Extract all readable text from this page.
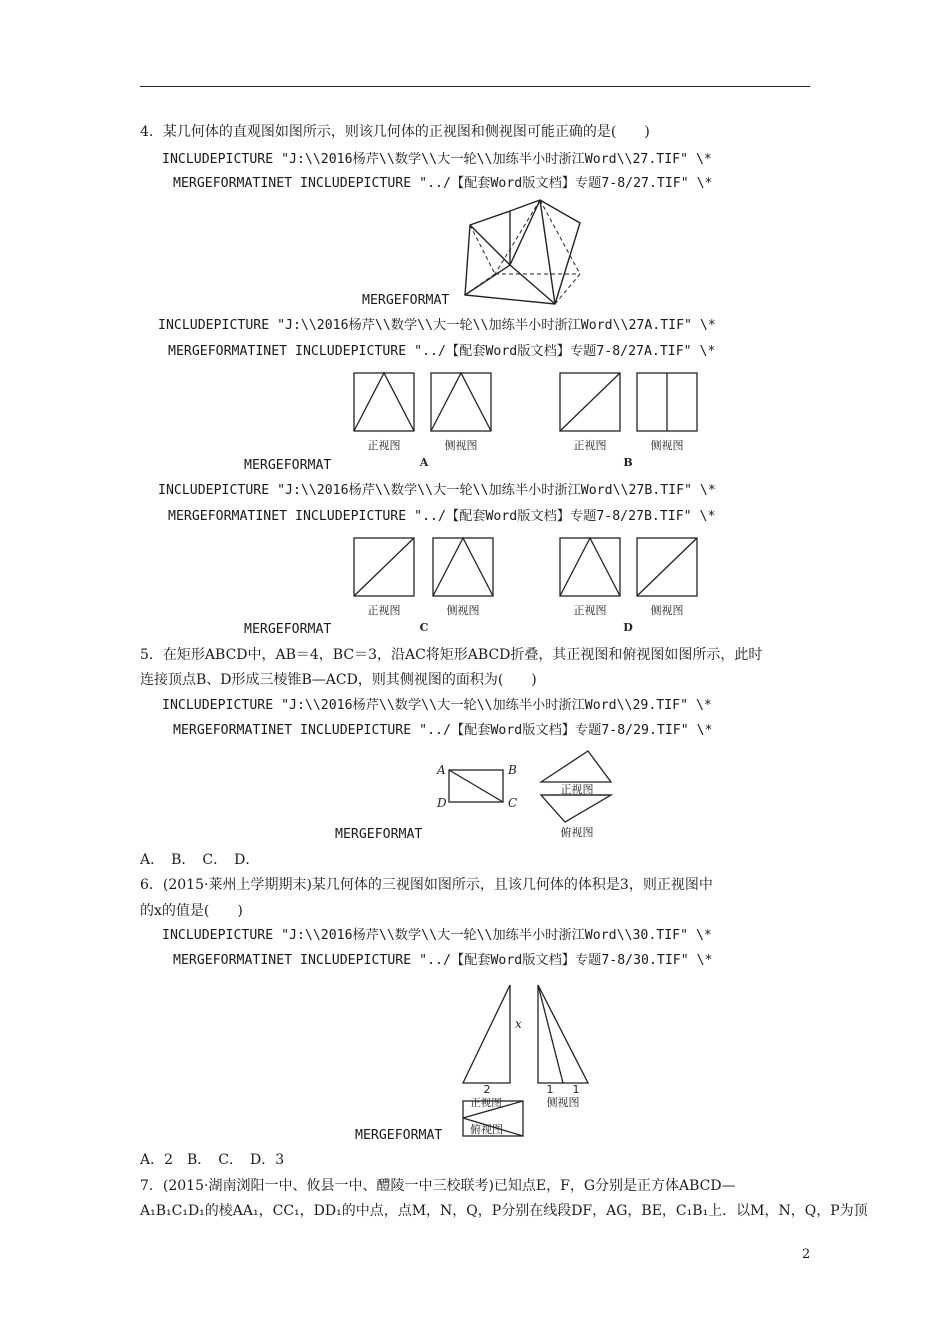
4．某几何体的直观图如图所示，则该几何体的正视图和侧视图可能正确的是(　　)
INCLUDEPICTURE "J:\\2016杨芹\\数学\\大一轮\\加练半小时浙江Word\\27.TIF" \*
MERGEFORMATINET INCLUDEPICTURE "../【配套Word版文档】专题7-8/27.TIF" \*
MERGEFORMAT
INCLUDEPICTURE "J:\\2016杨芹\\数学\\大一轮\\加练半小时浙江Word\\27A.TIF" \*
MERGEFORMATINET INCLUDEPICTURE "../【配套Word版文档】专题7-8/27A.TIF" \*
正视图	侧视图
A
正视图	侧视图
B
MERGEFORMAT
INCLUDEPICTURE "J:\\2016杨芹\\数学\\大一轮\\加练半小时浙江Word\\27B.TIF" \*
MERGEFORMATINET INCLUDEPICTURE "../【配套Word版文档】专题7-8/27B.TIF" \*
正视图	侧视图
C
正视图	侧视图
D
MERGEFORMAT
5．在矩形ABCD中，AB＝4，BC＝3，沿AC将矩形ABCD折叠，其正视图和俯视图如图所示，此时
连接顶点B、D形成三棱锥B—ACD，则其侧视图的面积为(　　)
INCLUDEPICTURE "J:\\2016杨芹\\数学\\大一轮\\加练半小时浙江Word\\29.TIF" \*
MERGEFORMATINET INCLUDEPICTURE "../【配套Word版文档】专题7-8/29.TIF" \*
A	B
D	C
正视图
俯视图
MERGEFORMAT
A．　B．　C．　D．
6．(2015·莱州上学期期末)某几何体的三视图如图所示，且该几何体的体积是3，则正视图中
的x的值是(　　)
INCLUDEPICTURE "J:\\2016杨芹\\数学\\大一轮\\加练半小时浙江Word\\30.TIF" \*
MERGEFORMATINET INCLUDEPICTURE "../【配套Word版文档】专题7-8/30.TIF" \*
x
2	1 1
正视图	侧视图
俯视图
MERGEFORMAT
A．2　B．　C．　D．3
7．(2015·湖南浏阳一中、攸县一中、醴陵一中三校联考)已知点E，F，G分别是正方体ABCD—
A₁B₁C₁D₁的棱AA₁，CC₁，DD₁的中点，点M，N，Q，P分别在线段DF，AG，BE，C₁B₁上．以M，N，Q，P为顶
2
